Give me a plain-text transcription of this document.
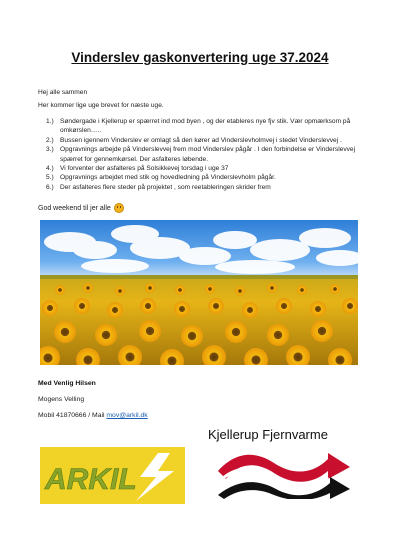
Vinderslev gaskonvertering uge 37.2024
Hej alle sammen
Her kommer lige uge brevet for næste uge.
1.) Søndergade i Kjellerup er spærret ind mod byen , og der etableres nye fjv stik. Vær opmærksom på omkørslen…..
2.) Bussen igennem Vinderslev er omlagt så den kører ad Vinderslevholmvej i stedet Vinderslevvej .
3.) Opgravnings arbejde på Vinderslevvej frem mod Vinderslev pågår . I den forbindelse er Vinderslevvej spærret for gennemkørsel. Der asfalteres løbende.
4.) Vi forventer der asfalteres på Solsikkevej torsdag i uge 37
5.) Opgravnings arbejdet med stik og hovedledning på Vinderslevholm pågår.
6.) Der asfalteres flere steder på projektet , som reetableringen skrider frem
God weekend til jer alle
Med Venlig Hilsen
Mogens Velling
Mobil 41870666 / Mail mov@arkil.dk
Kjellerup Fjernvarme
ARKIL
